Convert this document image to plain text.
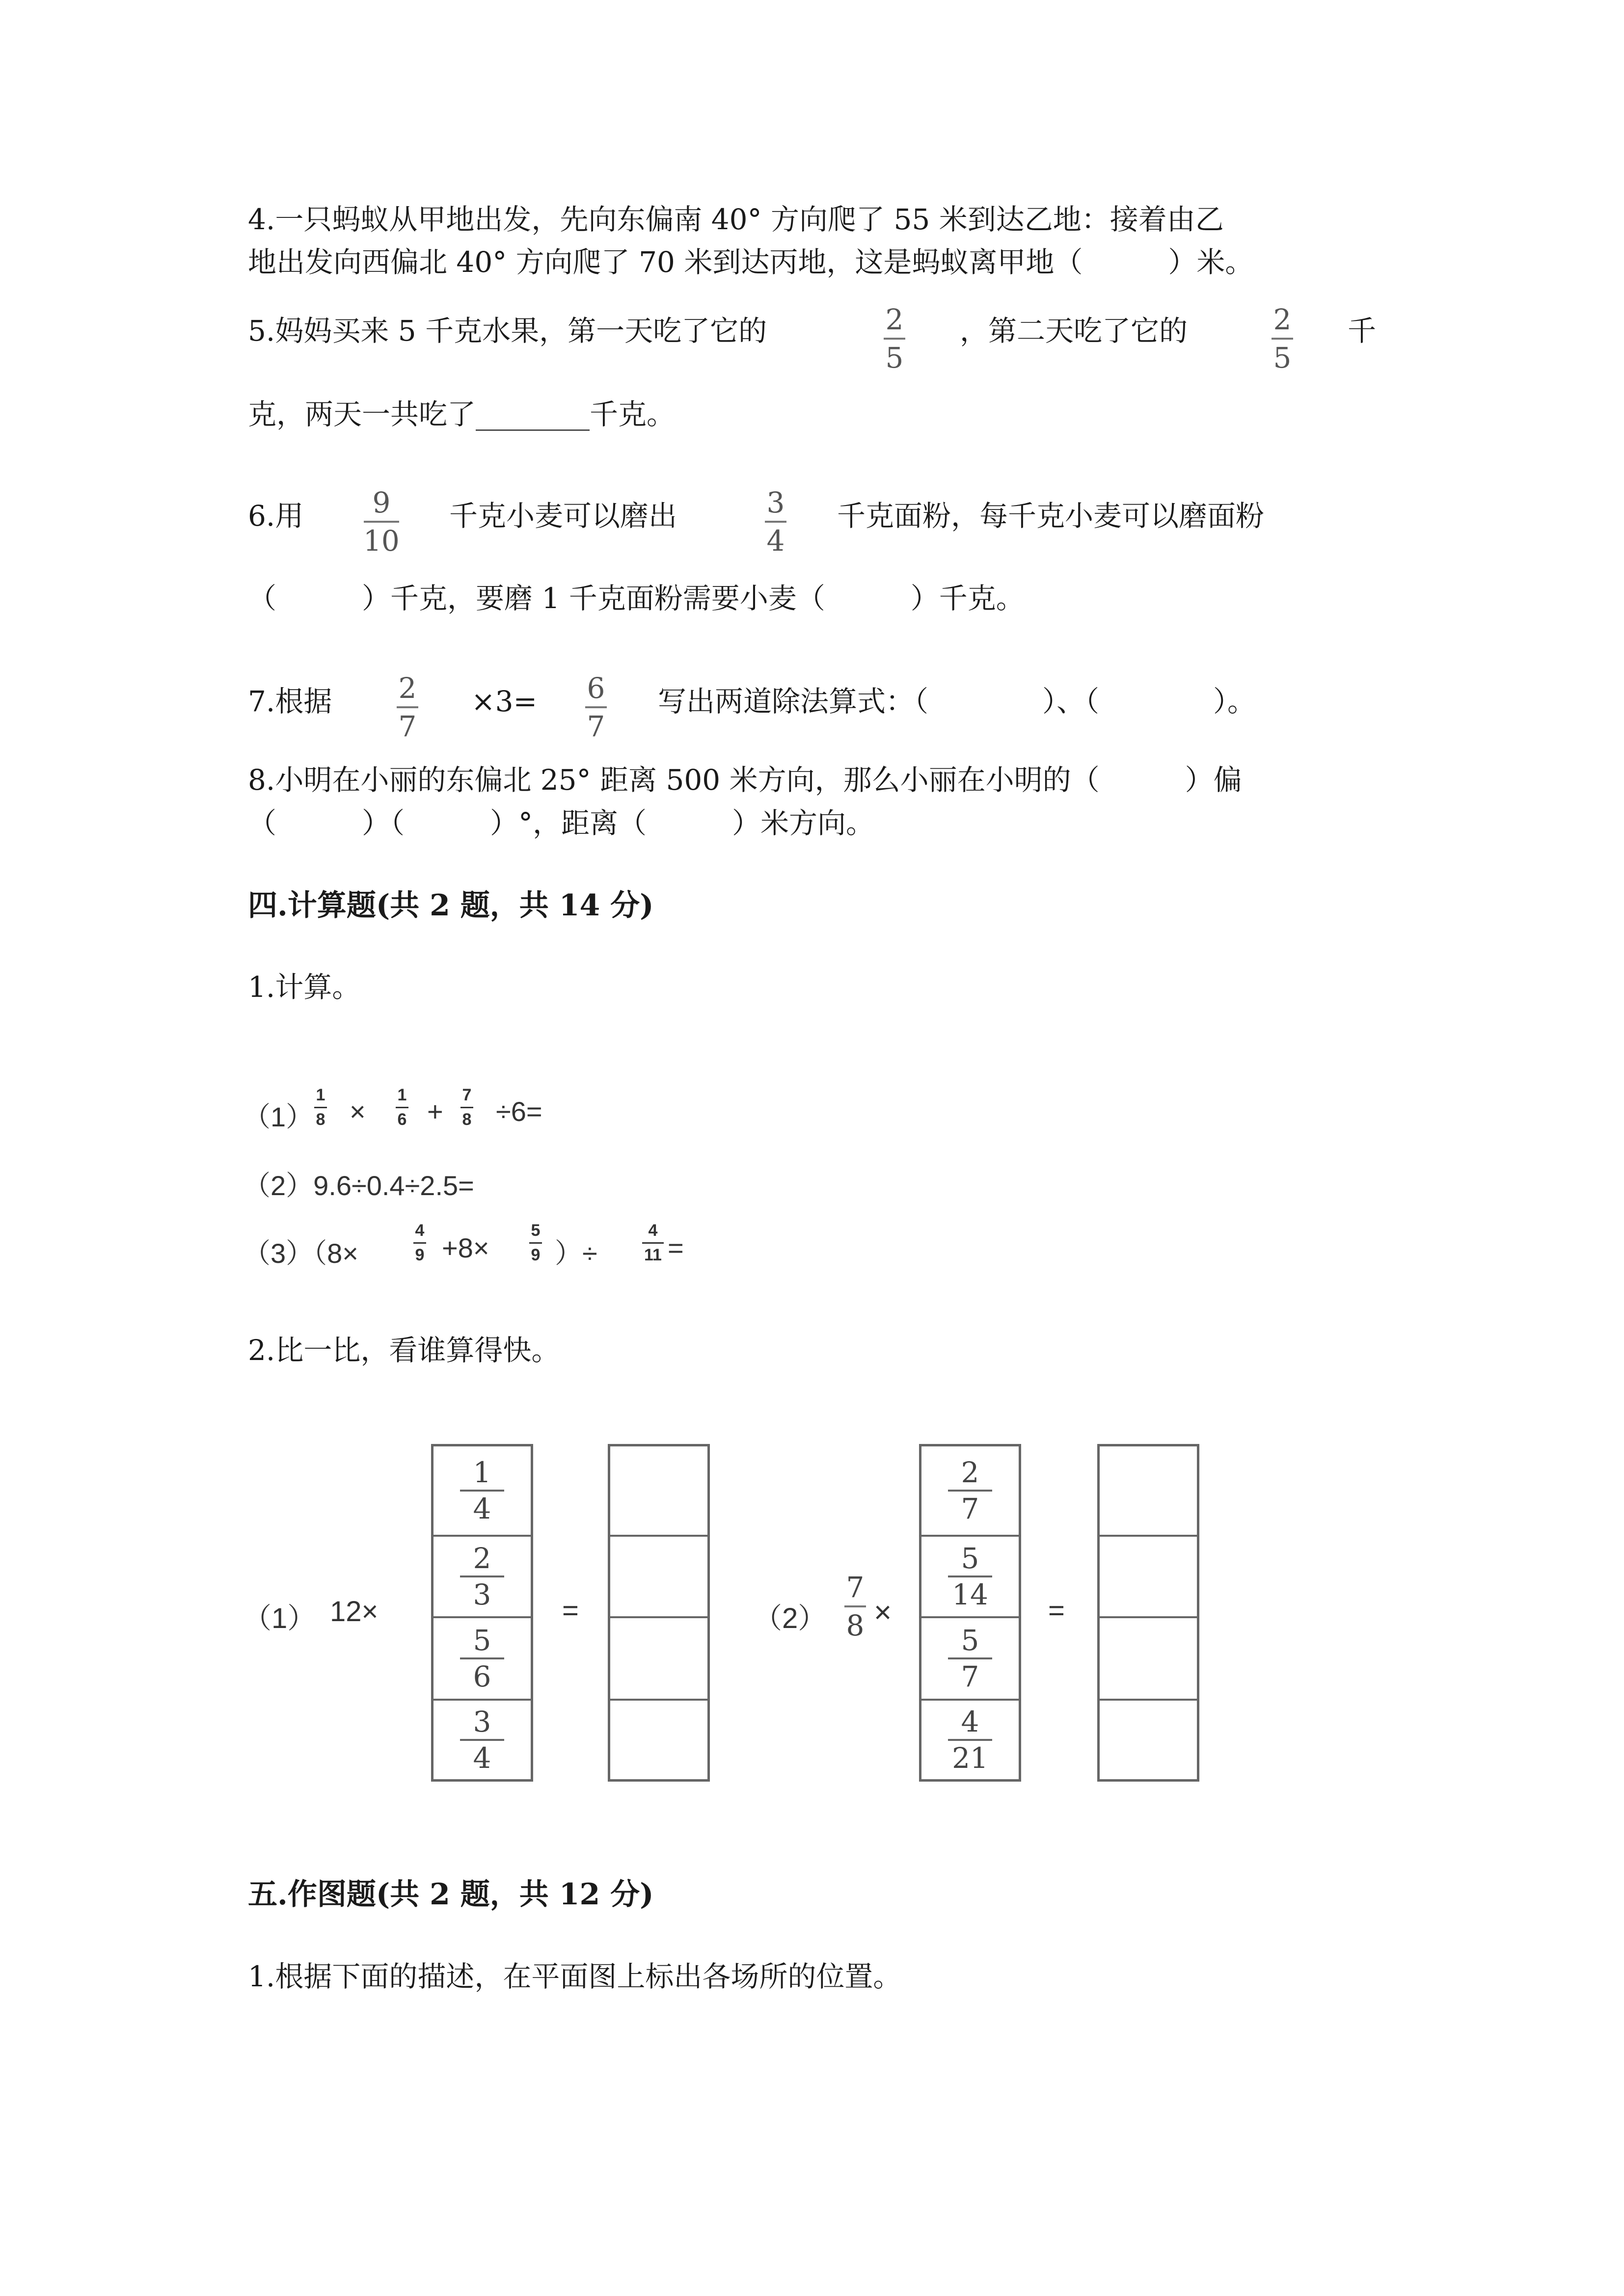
4.一只蚂蚁从甲地出发，先向东偏南 40° 方向爬了 55 米到达乙地：接着由乙
地出发向西偏北 40° 方向爬了 70 米到达丙地，这是蚂蚁离甲地（　　　）米。
5.妈妈买来 5 千克水果，第一天吃了它的	2
5
，第二天吃了它的	2
5
千
克，两天一共吃了________千克。
6.用 9
10
千克小麦可以磨出	3
4
千克面粉，每千克小麦可以磨面粉
（　　　）千克，要磨 1 千克面粉需要小麦（　　　）千克。
7.根据 2
7
×3= 6
7
写出两道除法算式：（　　　　）、（　　　　）。
8.小明在小丽的东偏北 25° 距离 500 米方向，那么小丽在小明的（　　　）偏
（　　　）（　　　）°，距离（　　　）米方向。
四.计算题(共 2 题，共 14 分)
1.计算。
（1）
1
8 ×
1
6 +
7
8 ÷6=
（2）9.6÷0.4÷2.5=
（3）（8×
4
9 +8×
5
9 ）÷
4
11 =
2.比一比，看谁算得快。
（1） 12×
1
4
2
3
5
6
3
4
=	（2）
7
8 ×
2
7
5
14
5
7
4
21
=
五.作图题(共 2 题，共 12 分)
1.根据下面的描述，在平面图上标出各场所的位置。
